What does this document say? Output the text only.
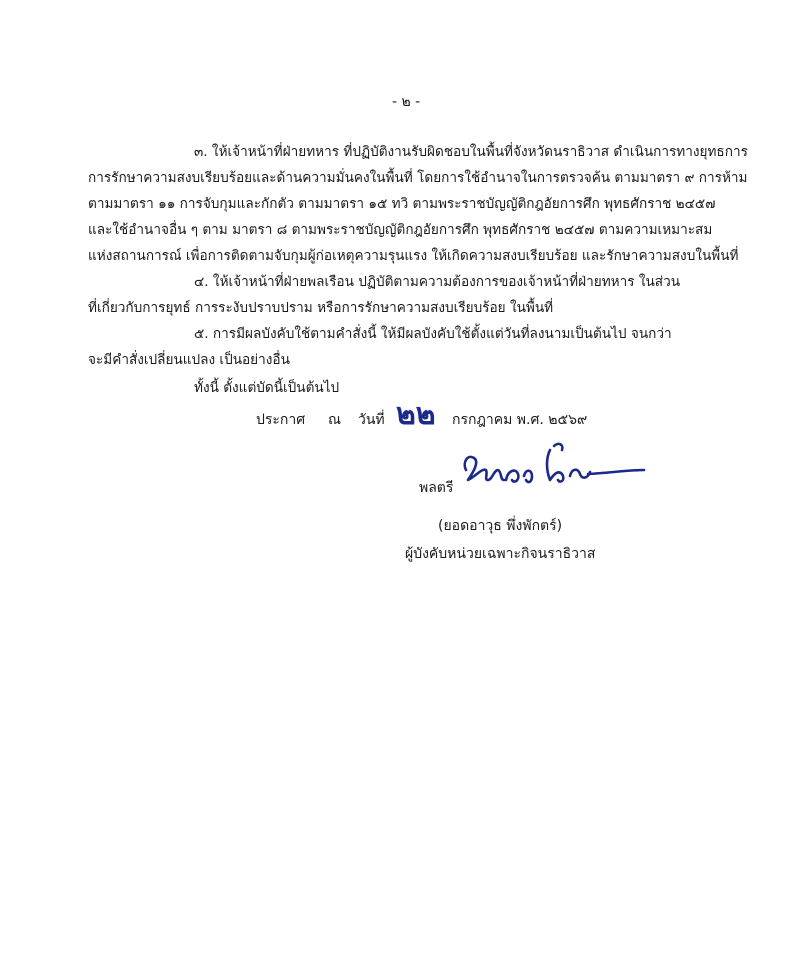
- ๒ -
๓. ให้เจ้าหน้าที่ฝ่ายทหาร ที่ปฏิบัติงานรับผิดชอบในพื้นที่จังหวัดนราธิวาส ดำเนินการทางยุทธการ
การรักษาความสงบเรียบร้อยและด้านความมั่นคงในพื้นที่ โดยการใช้อำนาจในการตรวจค้น ตามมาตรา ๙ การห้าม
ตามมาตรา ๑๑ การจับกุมและกักตัว ตามมาตรา ๑๕ ทวิ ตามพระราชบัญญัติกฎอัยการศึก พุทธศักราช ๒๔๕๗
และใช้อำนาจอื่น ๆ ตาม มาตรา ๘ ตามพระราชบัญญัติกฎอัยการศึก พุทธศักราช ๒๔๕๗ ตามความเหมาะสม
แห่งสถานการณ์ เพื่อการติดตามจับกุมผู้ก่อเหตุความรุนแรง ให้เกิดความสงบเรียบร้อย และรักษาความสงบในพื้นที่
๔. ให้เจ้าหน้าที่ฝ่ายพลเรือน ปฏิบัติตามความต้องการของเจ้าหน้าที่ฝ่ายทหาร ในส่วน
ที่เกี่ยวกับการยุทธ์ การระงับปราบปราม หรือการรักษาความสงบเรียบร้อย ในพื้นที่
๕. การมีผลบังคับใช้ตามคำสั่งนี้ ให้มีผลบังคับใช้ตั้งแต่วันที่ลงนามเป็นต้นไป จนกว่า
จะมีคำสั่งเปลี่ยนแปลง เป็นอย่างอื่น
ทั้งนี้ ตั้งแต่บัดนี้เป็นต้นไป
ประกาศ ณ วันที่ ๒๒ กรกฎาคม พ.ศ. ๒๕๖๙
พลตรี
(ยอดอาวุธ พึ่งพักตร์)
ผู้บังคับหน่วยเฉพาะกิจนราธิวาส
